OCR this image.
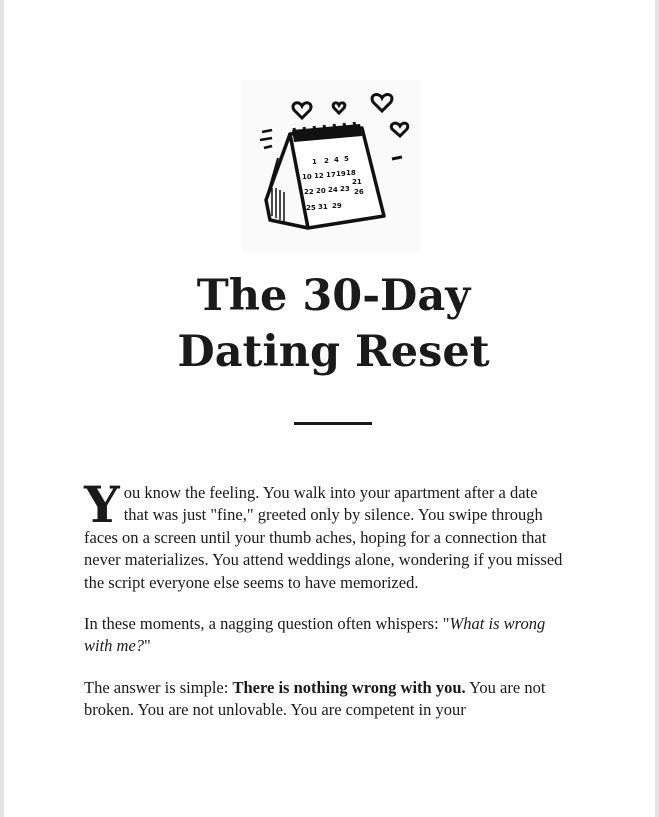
1 2 4 5
10 12 17 19 18
21
22 20 24 23 26
25 31 29
The 30-Day
Dating Reset

You know the feeling. You walk into your apartment after a date that was just "fine," greeted only by silence. You swipe through faces on a screen until your thumb aches, hoping for a connection that never materializes. You attend weddings alone, wondering if you missed the script everyone else seems to have memorized.

In these moments, a nagging question often whispers: "What is wrong with me?"

The answer is simple: There is nothing wrong with you. You are not broken. You are not unlovable. You are competent in your
